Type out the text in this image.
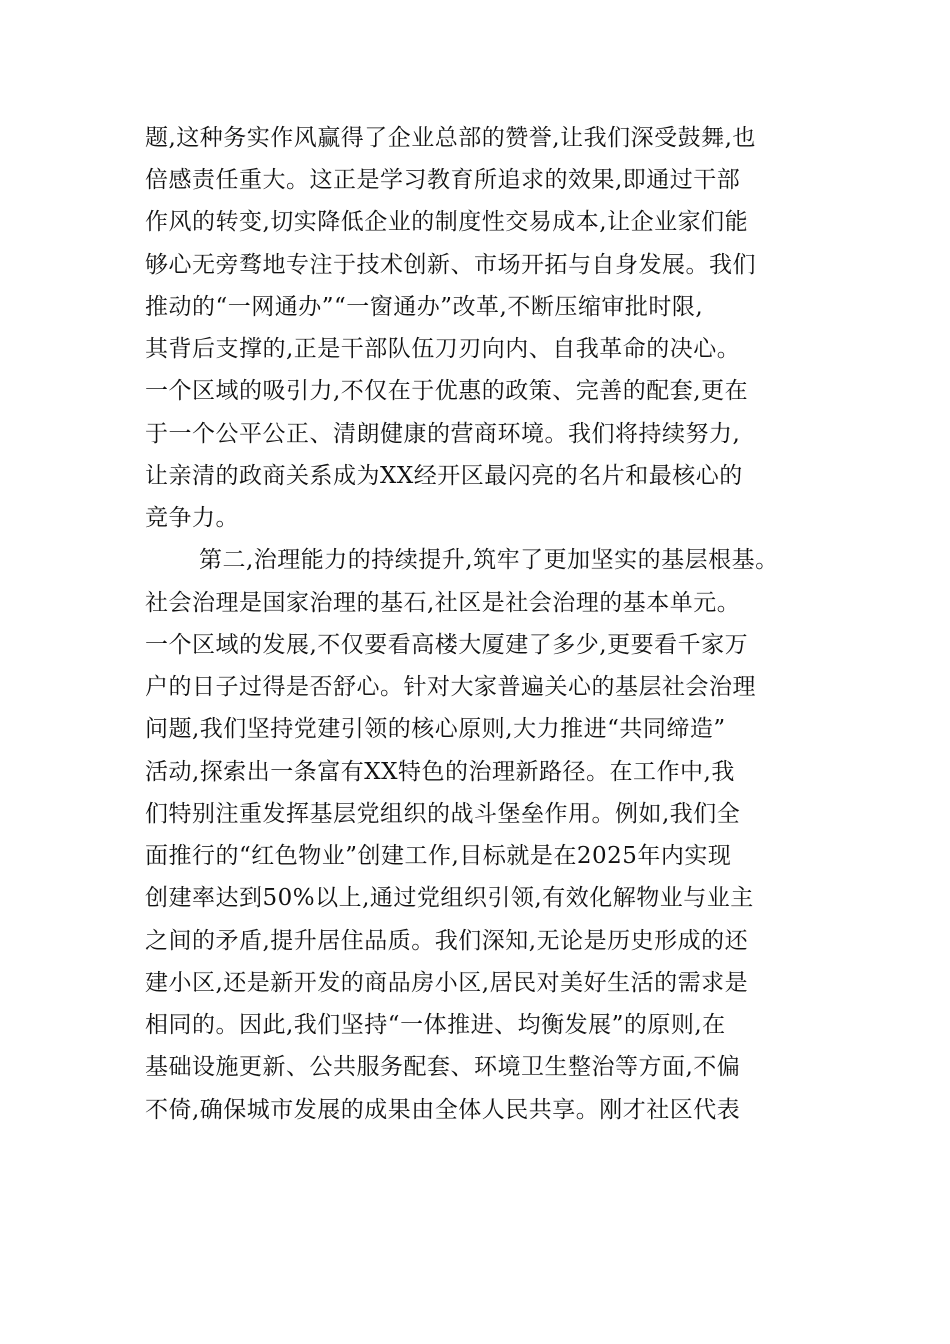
题,这种务实作风赢得了企业总部的赞誉,让我们深受鼓舞,也
倍感责任重大。这正是学习教育所追求的效果,即通过干部
作风的转变,切实降低企业的制度性交易成本,让企业家们能
够心无旁骛地专注于技术创新、市场开拓与自身发展。我们
推动的“一网通办”“一窗通办”改革,不断压缩审批时限,
其背后支撑的,正是干部队伍刀刃向内、自我革命的决心。
一个区域的吸引力,不仅在于优惠的政策、完善的配套,更在
于一个公平公正、清朗健康的营商环境。我们将持续努力,
让亲清的政商关系成为XX经开区最闪亮的名片和最核心的
竞争力。
第二,治理能力的持续提升,筑牢了更加坚实的基层根基。
社会治理是国家治理的基石,社区是社会治理的基本单元。
一个区域的发展,不仅要看高楼大厦建了多少,更要看千家万
户的日子过得是否舒心。针对大家普遍关心的基层社会治理
问题,我们坚持党建引领的核心原则,大力推进“共同缔造”
活动,探索出一条富有XX特色的治理新路径。在工作中,我
们特别注重发挥基层党组织的战斗堡垒作用。例如,我们全
面推行的“红色物业”创建工作,目标就是在2025年内实现
创建率达到50%以上,通过党组织引领,有效化解物业与业主
之间的矛盾,提升居住品质。我们深知,无论是历史形成的还
建小区,还是新开发的商品房小区,居民对美好生活的需求是
相同的。因此,我们坚持“一体推进、均衡发展”的原则,在
基础设施更新、公共服务配套、环境卫生整治等方面,不偏
不倚,确保城市发展的成果由全体人民共享。刚才社区代表
